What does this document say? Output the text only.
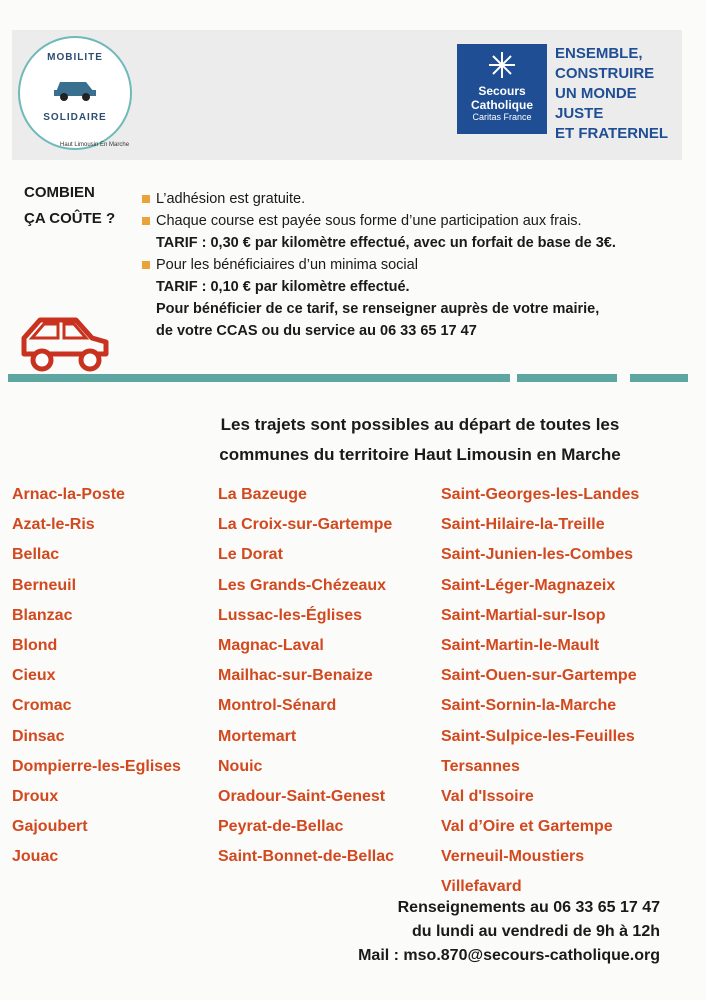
MOBILITE
SOLIDAIRE
Haut Limousin En Marche
Secours
Catholique
Caritas France
ENSEMBLE,
CONSTRUIRE
UN MONDE JUSTE
ET FRATERNEL
COMBIEN
ÇA COÛTE ?
L’adhésion est gratuite.
Chaque course est payée sous forme d’une participation aux frais.
TARIF : 0,30 € par kilomètre effectué, avec un forfait de base de 3€.
Pour les bénéficiaires d’un minima social
TARIF : 0,10 € par kilomètre effectué.
Pour bénéficier de ce tarif, se renseigner auprès de votre mairie,
de votre CCAS ou du service au 06 33 65 17 47
Les trajets sont possibles au départ de toutes les
communes du territoire Haut Limousin en Marche
Arnac-la-Poste
Azat-le-Ris
Bellac
Berneuil
Blanzac
Blond
Cieux
Cromac
Dinsac
Dompierre-les-Eglises
Droux
Gajoubert
Jouac
La Bazeuge
La Croix-sur-Gartempe
Le Dorat
Les Grands-Chézeaux
Lussac-les-Églises
Magnac-Laval
Mailhac-sur-Benaize
Montrol-Sénard
Mortemart
Nouic
Oradour-Saint-Genest
Peyrat-de-Bellac
Saint-Bonnet-de-Bellac
Saint-Georges-les-Landes
Saint-Hilaire-la-Treille
Saint-Junien-les-Combes
Saint-Léger-Magnazeix
Saint-Martial-sur-Isop
Saint-Martin-le-Mault
Saint-Ouen-sur-Gartempe
Saint-Sornin-la-Marche
Saint-Sulpice-les-Feuilles
Tersannes
Val d'Issoire
Val d’Oire et Gartempe
Verneuil-Moustiers
Villefavard
Renseignements au 06 33 65 17 47
du lundi au vendredi de 9h à 12h
Mail : mso.870@secours-catholique.org
